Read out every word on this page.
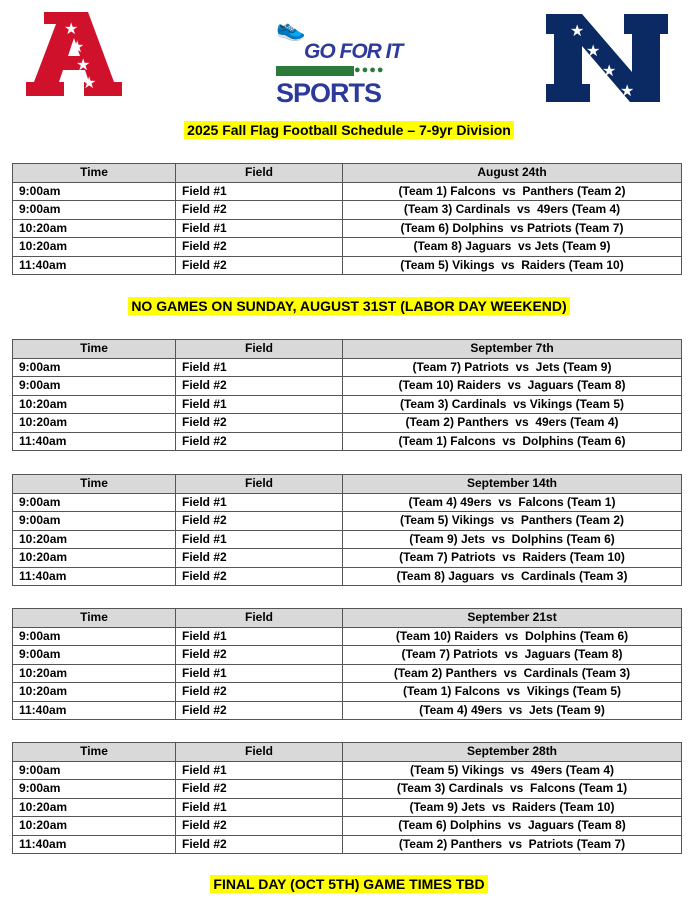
★
★
★
★
👟
GO FOR IT
●●●●
SPORTS
★
★
★
★
2025 Fall Flag Football Schedule – 7-9yr Division
Time	Field	August 24th
9:00am	Field #1	(Team 1) Falcons  vs  Panthers (Team 2)
9:00am	Field #2	(Team 3) Cardinals  vs  49ers (Team 4)
10:20am	Field #1	(Team 6) Dolphins  vs Patriots (Team 7)
10:20am	Field #2	(Team 8) Jaguars  vs Jets (Team 9)
11:40am	Field #2	(Team 5) Vikings  vs  Raiders (Team 10)
Time	Field	September 7th
9:00am	Field #1	(Team 7) Patriots  vs  Jets (Team 9)
9:00am	Field #2	(Team 10) Raiders  vs  Jaguars (Team 8)
10:20am	Field #1	(Team 3) Cardinals  vs Vikings (Team 5)
10:20am	Field #2	(Team 2) Panthers  vs  49ers (Team 4)
11:40am	Field #2	(Team 1) Falcons  vs  Dolphins (Team 6)
Time	Field	September 14th
9:00am	Field #1	(Team 4) 49ers  vs  Falcons (Team 1)
9:00am	Field #2	(Team 5) Vikings  vs  Panthers (Team 2)
10:20am	Field #1	(Team 9) Jets  vs  Dolphins (Team 6)
10:20am	Field #2	(Team 7) Patriots  vs  Raiders (Team 10)
11:40am	Field #2	(Team 8) Jaguars  vs  Cardinals (Team 3)
Time	Field	September 21st
9:00am	Field #1	(Team 10) Raiders  vs  Dolphins (Team 6)
9:00am	Field #2	(Team 7) Patriots  vs  Jaguars (Team 8)
10:20am	Field #1	(Team 2) Panthers  vs  Cardinals (Team 3)
10:20am	Field #2	(Team 1) Falcons  vs  Vikings (Team 5)
11:40am	Field #2	(Team 4) 49ers  vs  Jets (Team 9)
Time	Field	September 28th
9:00am	Field #1	(Team 5) Vikings  vs  49ers (Team 4)
9:00am	Field #2	(Team 3) Cardinals  vs  Falcons (Team 1)
10:20am	Field #1	(Team 9) Jets  vs  Raiders (Team 10)
10:20am	Field #2	(Team 6) Dolphins  vs  Jaguars (Team 8)
11:40am	Field #2	(Team 2) Panthers  vs  Patriots (Team 7)
NO GAMES ON SUNDAY, AUGUST 31ST (LABOR DAY WEEKEND)
FINAL DAY (OCT 5TH) GAME TIMES TBD
